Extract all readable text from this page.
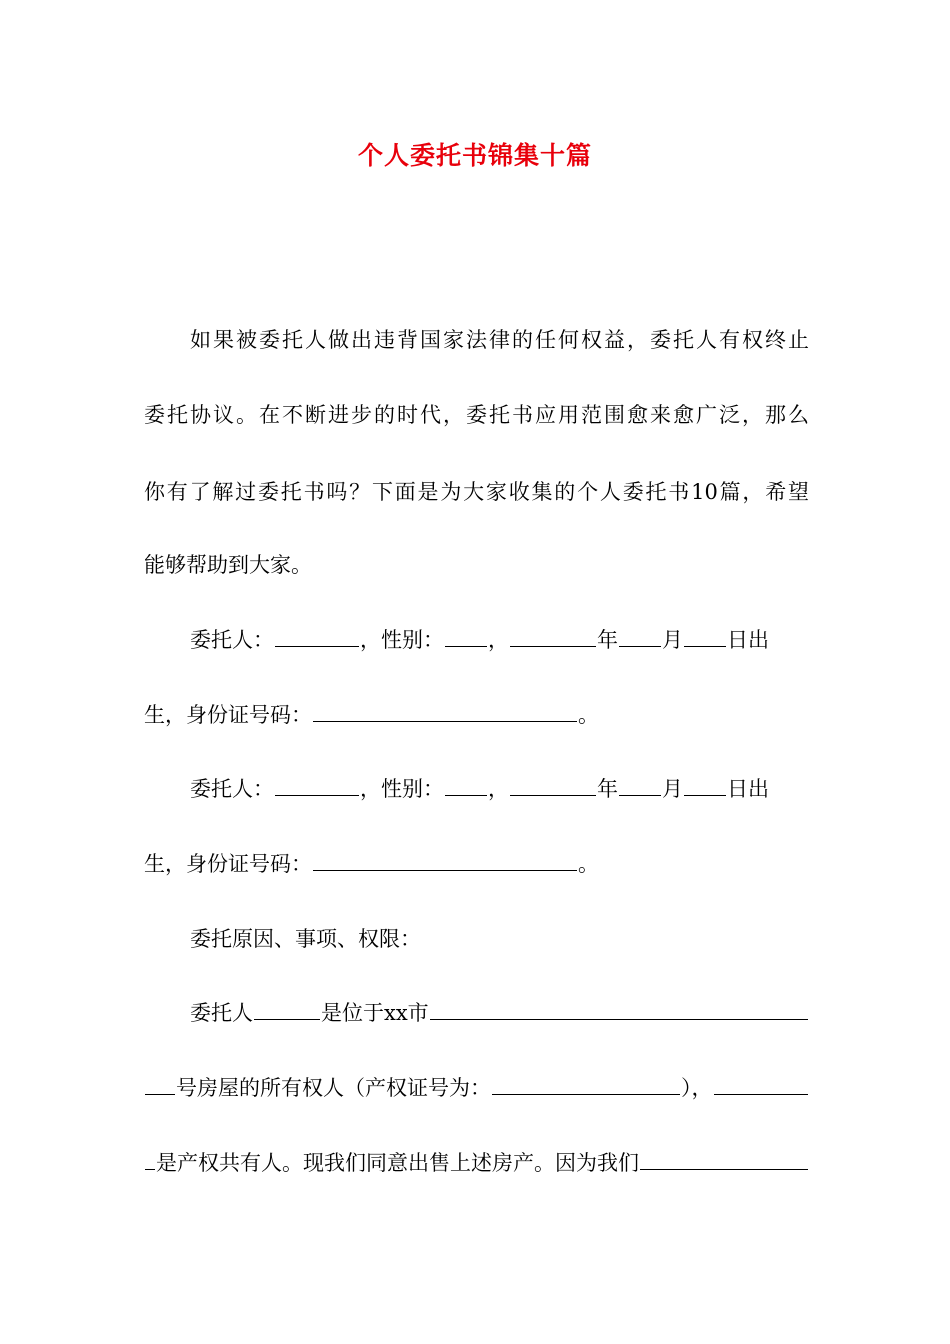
个人委托书锦集十篇
如果被委托人做出违背国家法律的任何权益，委托人有权终止
委托协议。在不断进步的时代，委托书应用范围愈来愈广泛，那么
你有了解过委托书吗？下面是为大家收集的个人委托书10篇，希望
能够帮助到大家。
委托人：	，性别： ，	年 月 日出
生，身份证号码：	。
委托人：	，性别： ，	年 月 日出
生，身份证号码：	。
委托原因、事项、权限：
委托人	是位于xx市
号房屋的所有权人（产权证号为：	），
是产权共有人。现我们同意出售上述房产。因为我们
